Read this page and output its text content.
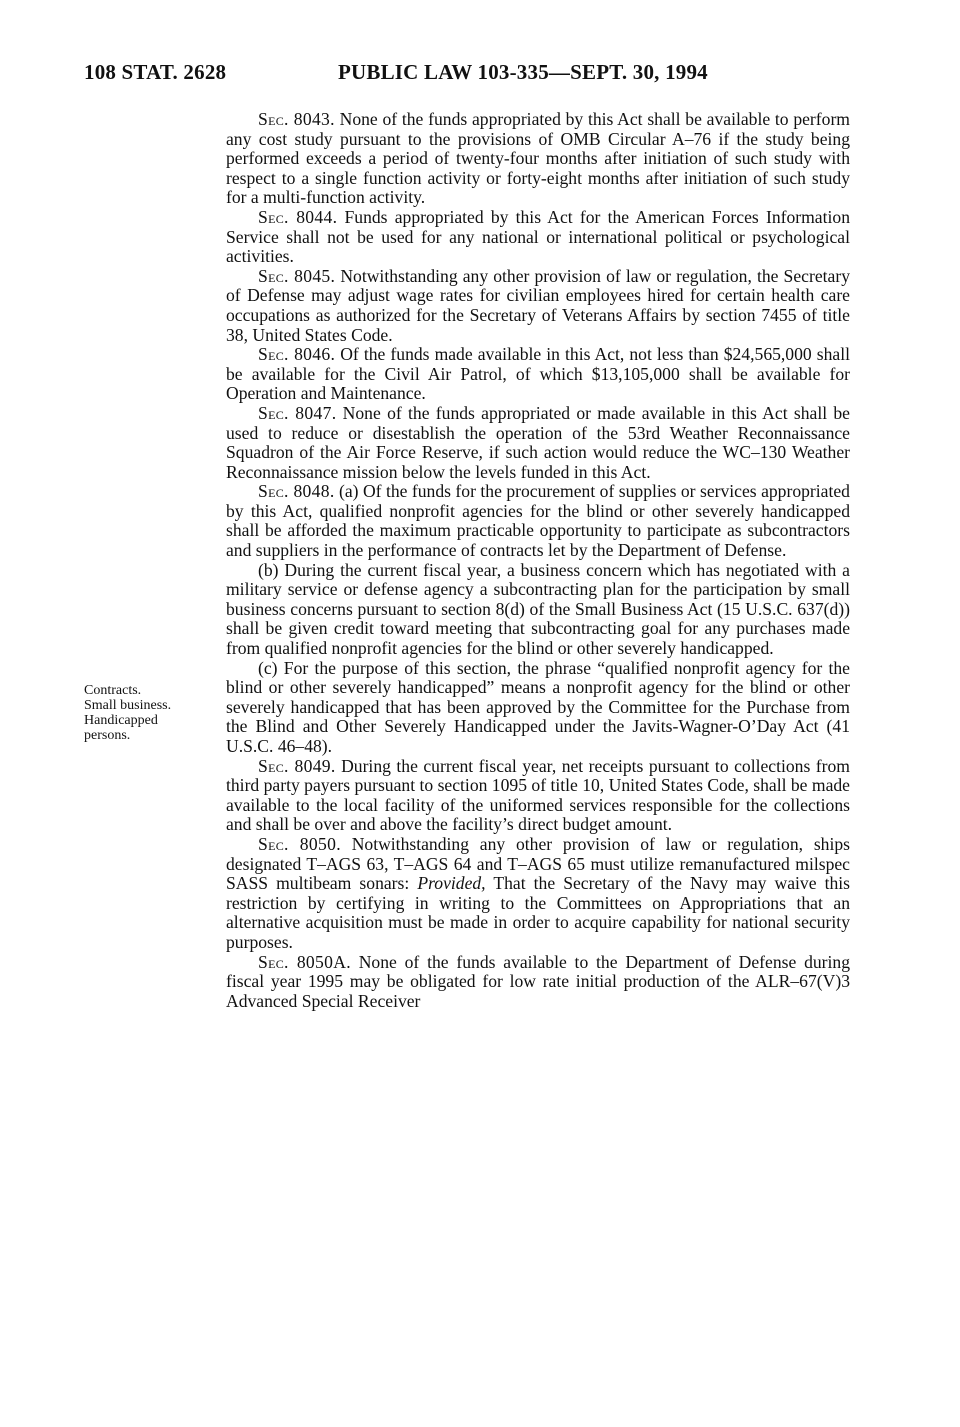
108 STAT. 2628	PUBLIC LAW 103-335—SEPT. 30, 1994
Contracts.
Small business.
Handicapped
persons.

Sec. 8043. None of the funds appropriated by this Act shall be available to perform any cost study pursuant to the provisions of OMB Circular A–76 if the study being performed exceeds a period of twenty-four months after initiation of such study with respect to a single function activity or forty-eight months after initiation of such study for a multi-function activity.

Sec. 8044. Funds appropriated by this Act for the American Forces Information Service shall not be used for any national or international political or psychological activities.

Sec. 8045. Notwithstanding any other provision of law or regulation, the Secretary of Defense may adjust wage rates for civilian employees hired for certain health care occupations as authorized for the Secretary of Veterans Affairs by section 7455 of title 38, United States Code.

Sec. 8046. Of the funds made available in this Act, not less than $24,565,000 shall be available for the Civil Air Patrol, of which $13,105,000 shall be available for Operation and Maintenance.

Sec. 8047. None of the funds appropriated or made available in this Act shall be used to reduce or disestablish the operation of the 53rd Weather Reconnaissance Squadron of the Air Force Reserve, if such action would reduce the WC–130 Weather Reconnaissance mission below the levels funded in this Act.

Sec. 8048. (a) Of the funds for the procurement of supplies or services appropriated by this Act, qualified nonprofit agencies for the blind or other severely handicapped shall be afforded the maximum practicable opportunity to participate as subcontractors and suppliers in the performance of contracts let by the Department of Defense.

(b) During the current fiscal year, a business concern which has negotiated with a military service or defense agency a subcontracting plan for the participation by small business concerns pursuant to section 8(d) of the Small Business Act (15 U.S.C. 637(d)) shall be given credit toward meeting that subcontracting goal for any purchases made from qualified nonprofit agencies for the blind or other severely handicapped.

(c) For the purpose of this section, the phrase “qualified nonprofit agency for the blind or other severely handicapped” means a nonprofit agency for the blind or other severely handicapped that has been approved by the Committee for the Purchase from the Blind and Other Severely Handicapped under the Javits-Wagner-O’Day Act (41 U.S.C. 46–48).

Sec. 8049. During the current fiscal year, net receipts pursuant to collections from third party payers pursuant to section 1095 of title 10, United States Code, shall be made available to the local facility of the uniformed services responsible for the collections and shall be over and above the facility’s direct budget amount.

Sec. 8050. Notwithstanding any other provision of law or regulation, ships designated T–AGS 63, T–AGS 64 and T–AGS 65 must utilize remanufactured milspec SASS multibeam sonars: Provided, That the Secretary of the Navy may waive this restriction by certifying in writing to the Committees on Appropriations that an alternative acquisition must be made in order to acquire capability for national security purposes.

Sec. 8050A. None of the funds available to the Department of Defense during fiscal year 1995 may be obligated for low rate initial production of the ALR–67(V)3 Advanced Special Receiver
